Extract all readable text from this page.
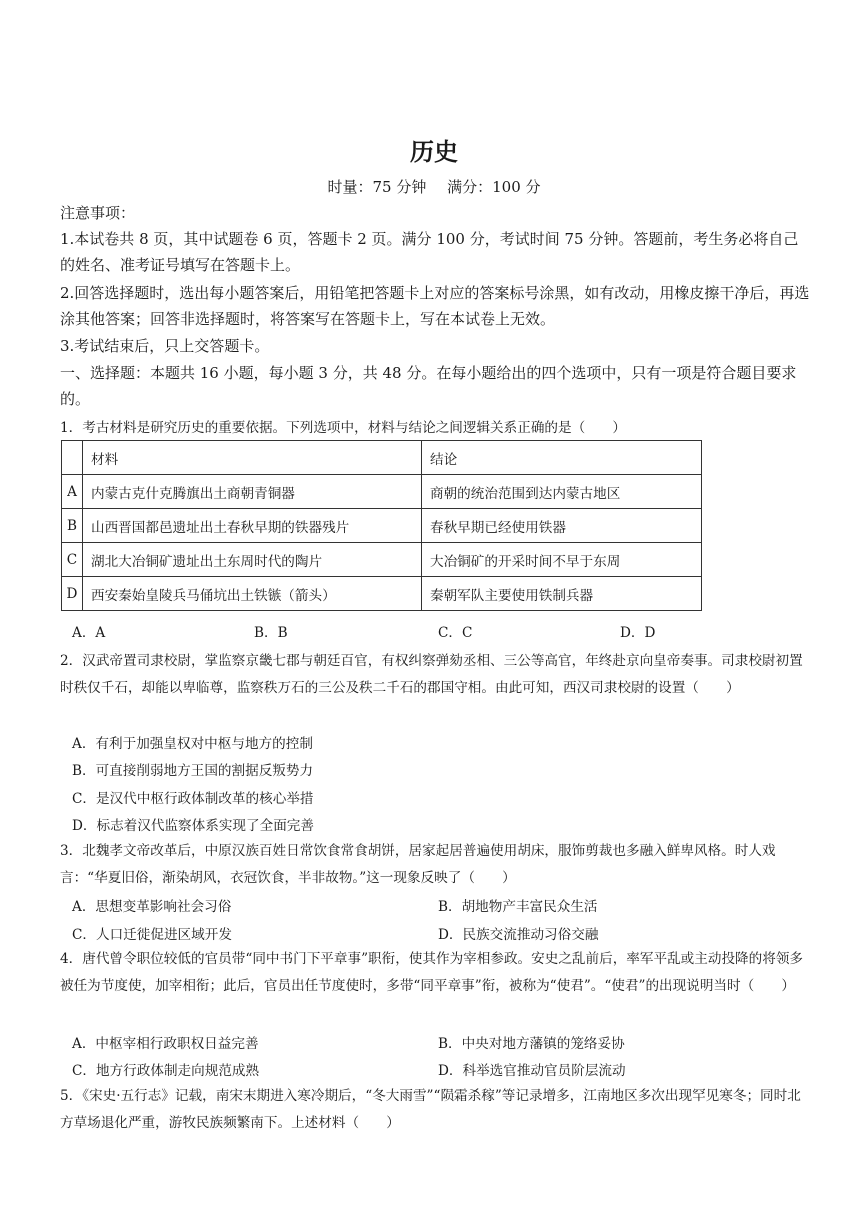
历史
时量：75 分钟 满分：100 分
注意事项：
1.本试卷共 8 页，其中试题卷 6 页，答题卡 2 页。满分 100 分，考试时间 75 分钟。答题前，考生务必将自己的姓名、准考证号填写在答题卡上。
2.回答选择题时，选出每小题答案后，用铅笔把答题卡上对应的答案标号涂黑，如有改动，用橡皮擦干净后，再选涂其他答案；回答非选择题时，将答案写在答题卡上，写在本试卷上无效。
3.考试结束后，只上交答题卡。
一、选择题：本题共 16 小题，每小题 3 分，共 48 分。在每小题给出的四个选项中，只有一项是符合题目要求的。
1．考古材料是研究历史的重要依据。下列选项中，材料与结论之间逻辑关系正确的是（　　）
	材料	结论
A	内蒙古克什克腾旗出土商朝青铜器	商朝的统治范围到达内蒙古地区
B	山西晋国都邑遗址出土春秋早期的铁器残片	春秋早期已经使用铁器
C	湖北大冶铜矿遗址出土东周时代的陶片	大冶铜矿的开采时间不早于东周
D	西安秦始皇陵兵马俑坑出土铁镞（箭头）	秦朝军队主要使用铁制兵器
A．A	B．B	C．C	D．D
2．汉武帝置司隶校尉，掌监察京畿七郡与朝廷百官，有权纠察弹劾丞相、三公等高官，年终赴京向皇帝奏事。司隶校尉初置时秩仅千石，却能以卑临尊，监察秩万石的三公及秩二千石的郡国守相。由此可知，西汉司隶校尉的设置（　　）
A．有利于加强皇权对中枢与地方的控制
B．可直接削弱地方王国的割据反叛势力
C．是汉代中枢行政体制改革的核心举措
D．标志着汉代监察体系实现了全面完善
3．北魏孝文帝改革后，中原汉族百姓日常饮食常食胡饼，居家起居普遍使用胡床，服饰剪裁也多融入鲜卑风格。时人戏言：“华夏旧俗，渐染胡风，衣冠饮食，半非故物。”这一现象反映了（　　）
A．思想变革影响社会习俗	B．胡地物产丰富民众生活
C．人口迁徙促进区域开发	D．民族交流推动习俗交融
4．唐代曾令职位较低的官员带“同中书门下平章事”职衔，使其作为宰相参政。安史之乱前后，率军平乱或主动投降的将领多被任为节度使，加宰相衔；此后，官员出任节度使时，多带“同平章事”衔，被称为“使君”。“使君”的出现说明当时（　　）
A．中枢宰相行政职权日益完善	B．中央对地方藩镇的笼络妥协
C．地方行政体制走向规范成熟	D．科举选官推动官员阶层流动
5．《宋史·五行志》记载，南宋末期进入寒冷期后，“冬大雨雪”“陨霜杀稼”等记录增多，江南地区多次出现罕见寒冬；同时北方草场退化严重，游牧民族频繁南下。上述材料（　　）
